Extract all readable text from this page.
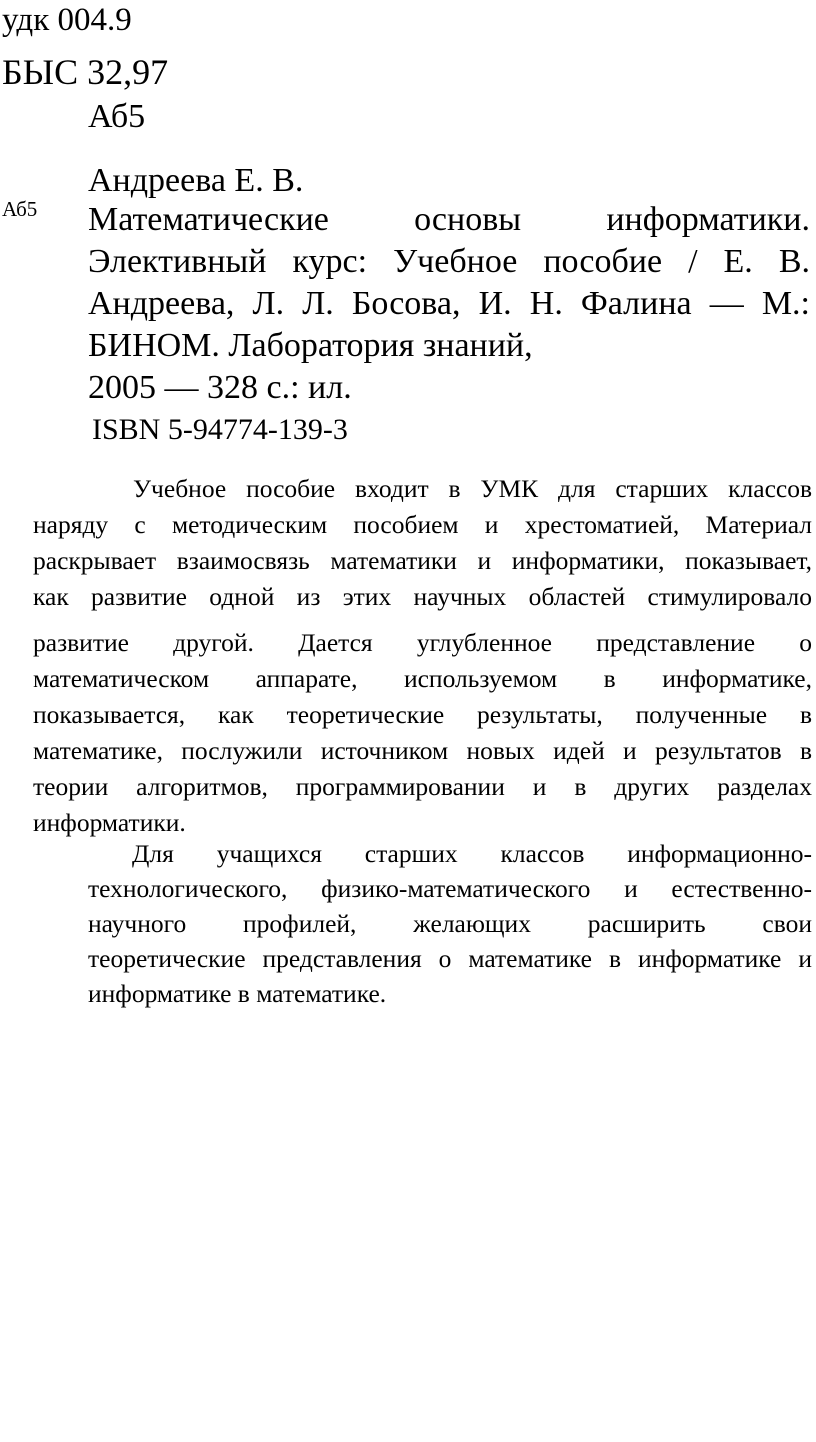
удк 004.9
БЫС 32,97
Аб5
Аб5
Андреева Е. В.
Математические основы информатики.
Элективный курс: Учебное пособие / Е. В.
Андреева, Л. Л. Босова, И. Н. Фалина — М.:
БИНОМ. Лаборатория знаний,
2005 — 328 с.: ил.
ISBN 5-94774-139-3
Учебное пособие входит в УМК для старших классов
наряду с методическим пособием и хрестоматией, Материал
раскрывает взаимосвязь математики и информатики, показывает,
как развитие одной из этих научных областей стимулировало
развитие другой. Дается углубленное представление о
математическом аппарате, используемом в информатике,
показывается, как теоретические результаты, полученные в
математике, послужили источником новых идей и результатов в
теории алгоритмов, программировании и в других разделах
информатики.
Для учащихся старших классов информационно-
технологического, физико-математического и естественно-
научного профилей, желающих расширить свои
теоретические представления о математике в информатике и
информатике в математике.
